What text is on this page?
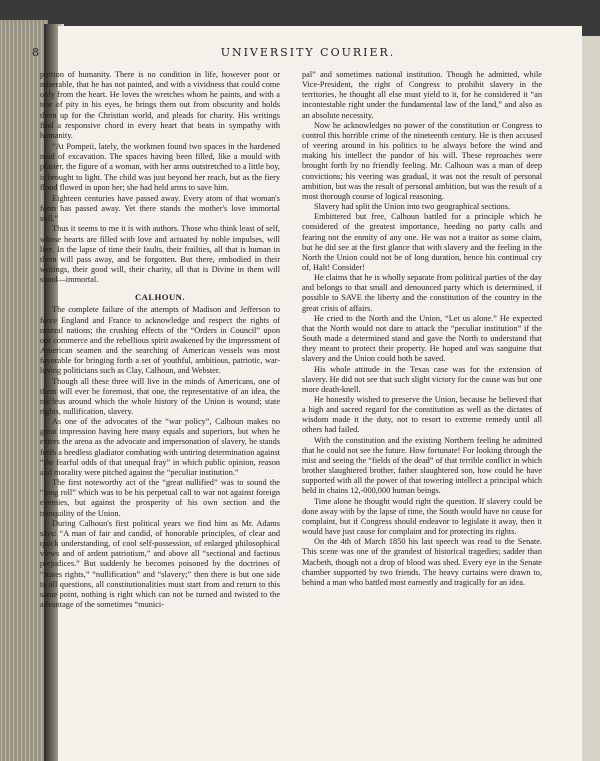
8	UNIVERSITY COURIER.

portion of humanity. There is no condition in life, however poor or miserable, that he has not painted, and with a vividness that could come only from the heart. He loves the wretches whom he paints, and with a tear of pity in his eyes, he brings them out from obscurity and holds them up for the Christian world, and pleads for charity. His writings find a responsive chord in every heart that beats in sympathy with humanity.

“At Pompeii, lately, the workmen found two spaces in the hardened mud of excavation. The spaces having been filled, like a mould with plaster, the figure of a woman, with her arms outstretched to a little boy, is brought to light. The child was just beyond her reach, but as the fiery flood flowed in upon her; she had held arms to save him.

Eighteen centuries have passed away. Every atom of that woman's form has passed away. Yet there stands the mother's love immortal still.”

Thus it seems to me it is with authors. Those who think least of self, whose hearts are filled with love and actuated by noble impulses, will live. In the lapse of time their faults, their frailties, all that is human in them will pass away, and be forgotten. But there, embodied in their writings, their good will, their charity, all that is Divine in them will stand—immortal.

CALHOUN.

The complete failure of the attempts of Madison and Jefferson to force England and France to acknowledge and respect the rights of neutral nations; the crushing effects of the “Orders in Council” upon our commerce and the rebellious spirit awakened by the impressment of American seamen and the searching of American vessels was most favorable for bringing forth a set of youthful, ambitious, patriotic, war-loving politicians such as Clay, Calhoun, and Webster.

Though all these three will live in the minds of Americans, one of them will ever be foremost, that one, the representative of an idea, the nucleus around which the whole history of the Union is wound; state rights, nullification, slavery.

As one of the advocates of the “war policy”, Calhoun makes no great impression having here many equals and superiors, but when he enters the arena as the advocate and impersonation of slavery, he stands forth a heedless gladiator combating with untiring determination against “the fearful odds of that unequal fray” in which public opinion, reason and morality were pitched against the “peculiar institution.”

The first noteworthy act of the “great nullified” was to sound the “long roll” which was to be his perpetual call to war not against foreign enemies, but against the prosperity of his own section and the tranquility of the Union.

During Calhoun's first political years we find him as Mr. Adams says: “A man of fair and candid, of honorable principles, of clear and quick understanding, of cool self-possession, of enlarged philosophical views and of ardent patriotism,” and above all “sectional and factious prejudices.” But suddenly he becomes poisoned by the doctrines of “states rights,” “nullification” and “slavery;” then there is but one side to all questions, all constitutionalities must start from and return to this same point, nothing is right which can not be turned and twisted to the advantage of the sometimes “munici-

pal” and sometimes national institution. Though he admitted, while Vice-President, the right of Congress to prohibit slavery in the territories, he thought all else must yield to it, for he considered it “an incontestable right under the fundamental law of the land,” and also as an absolute necessity.

Now he acknowledges no power of the constitution or Congress to control this horrible crime of the nineteenth century. He is then accused of veering around in his politics to be always before the wind and making his intellect the pandor of his will. These reproaches were brought forth by no friendly feeling. Mr. Calhoun was a man of deep convictions; his veering was gradual, it was not the result of personal ambition, but was the result of personal ambition, but was the result of a most thorough course of logical reasoning.

Slavery had split the Union into two geographical sections.

Embittered but free, Calhoun battled for a principle which he considered of the greatest importance, heeding no party calls and fearing not the enmity of any one. He was not a traitor as some claim, but he did see at the first glance that with slavery and the feeling in the North the Union could not be of long duration, hence his continual cry of, Halt! Consider!

He claims that he is wholly separate from political parties of the day and belongs to that small and denounced party which is determined, if possible to SAVE the liberty and the constitution of the country in the great crisis of affairs.

He cried to the North and the Union, “Let us alone.” He expected that the North would not dare to attack the “peculiar institution” if the South made a determined stand and gave the North to understand that they meant to protect their property. He hoped and was sanguine that slavery and the Union could both be saved.

His whole attitude in the Texas case was for the extension of slavery. He did not see that such slight victory for the cause was but one more death-knell.

He honestly wished to preserve the Union, because he believed that a high and sacred regard for the constitution as well as the dictates of wisdom made it the duty, not to resort to extreme remedy until all others had failed.

With the constitution and the existing Northern feeling he admitted that he could not see the future. How fortunate! For looking through the mist and seeing the “fields of the dead” of that terrible conflict in which brother slaughtered brother, father slaughtered son, how could he have supported with all the power of that towering intellect a principal which held in chains 12,-000,000 human beings.

Time alone he thought would right the question. If slavery could be done away with by the lapse of time, the South would have no cause for complaint, but if Congress should endeavor to legislate it away, then it would have just cause for complaint and for protecting its rights.

On the 4th of March 1850 his last speech was read to the Senate. This scene was one of the grandest of historical tragedies; sadder than Macbeth, though not a drop of blood was shed. Every eye in the Senate chamber supported by two friends. The heavy curtains were drawn to, behind a man who battled most earnestly and tragically for an idea.
